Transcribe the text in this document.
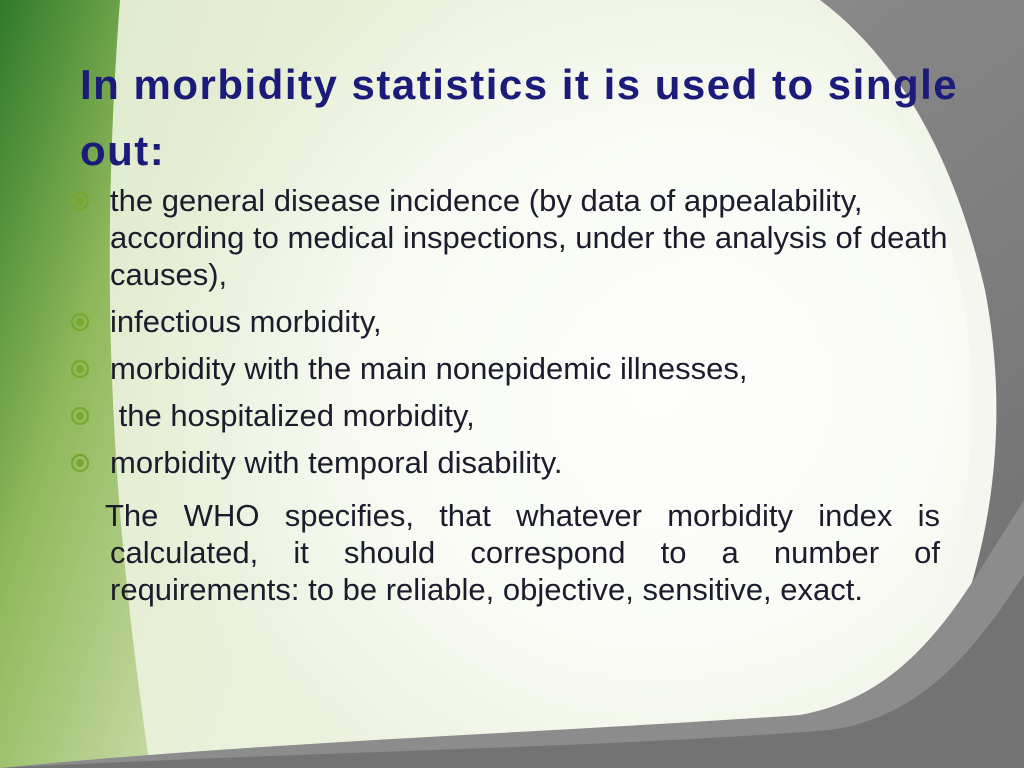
In morbidity statistics it is used to single out:
the general disease incidence (by data of appealability, according to medical inspections, under the analysis of death causes),
infectious morbidity,
morbidity with the main nonepidemic illnesses,
the hospitalized morbidity,
morbidity with temporal disability.

The WHO specifies, that whatever morbidity index is calculated, it should correspond to a number of requirements: to be reliable, objective, sensitive, exact.
